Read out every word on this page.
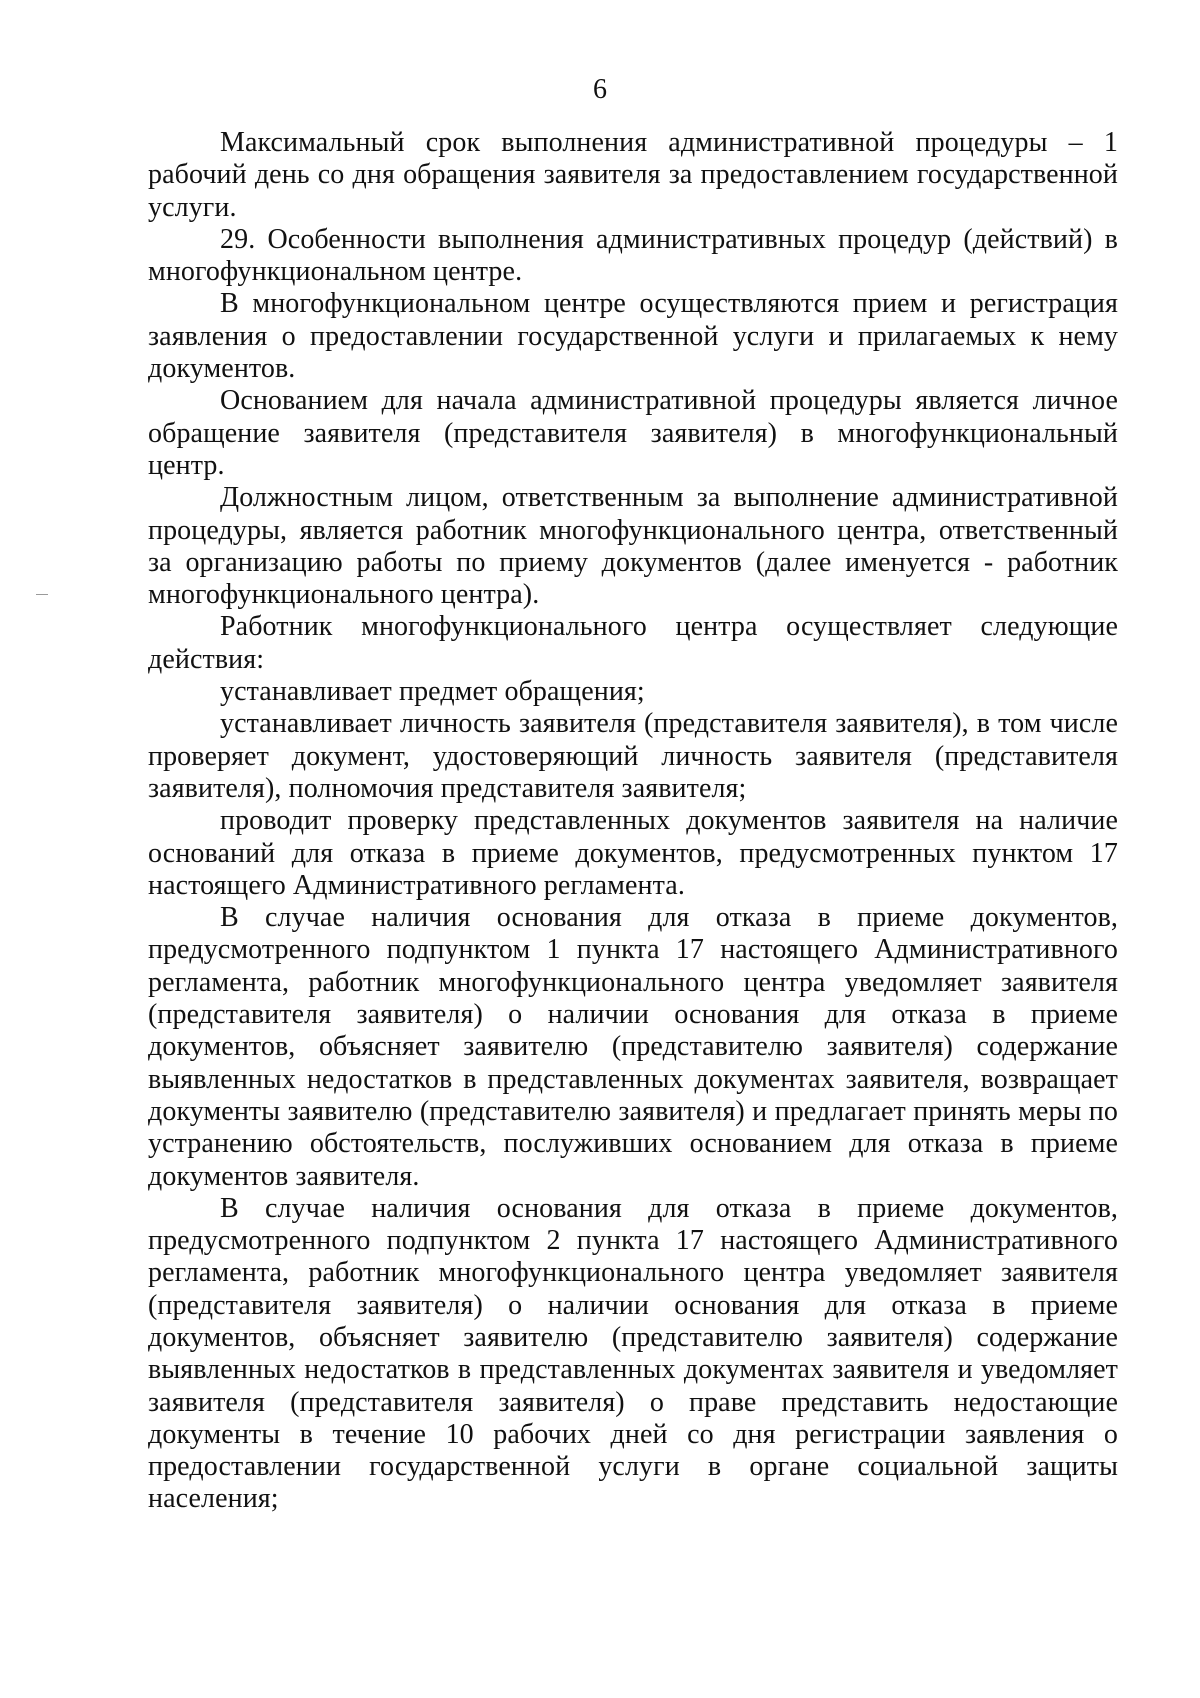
6

Максимальный срок выполнения административной процедуры – 1 рабочий день со дня обращения заявителя за предоставлением государственной услуги.

29. Особенности выполнения административных процедур (действий) в многофункциональном центре.

В многофункциональном центре осуществляются прием и регистрация заявления о предоставлении государственной услуги и прилагаемых к нему документов.

Основанием для начала административной процедуры является личное обращение заявителя (представителя заявителя) в многофункциональный центр.

Должностным лицом, ответственным за выполнение административной процедуры, является работник многофункционального центра, ответственный за организацию работы по приему документов (далее именуется - работник многофункционального центра).

Работник многофункционального центра осуществляет следующие действия:

устанавливает предмет обращения;

устанавливает личность заявителя (представителя заявителя), в том числе проверяет документ, удостоверяющий личность заявителя (представителя заявителя), полномочия представителя заявителя;

проводит проверку представленных документов заявителя на наличие оснований для отказа в приеме документов, предусмотренных пунктом 17 настоящего Административного регламента.

В случае наличия основания для отказа в приеме документов, предусмотренного подпунктом 1 пункта 17 настоящего Административного регламента, работник многофункционального центра уведомляет заявителя (представителя заявителя) о наличии основания для отказа в приеме документов, объясняет заявителю (представителю заявителя) содержание выявленных недостатков в представленных документах заявителя, возвращает документы заявителю (представителю заявителя) и предлагает принять меры по устранению обстоятельств, послуживших основанием для отказа в приеме документов заявителя.

В случае наличия основания для отказа в приеме документов, предусмотренного подпунктом 2 пункта 17 настоящего Административного регламента, работник многофункционального центра уведомляет заявителя (представителя заявителя) о наличии основания для отказа в приеме документов, объясняет заявителю (представителю заявителя) содержание выявленных недостатков в представленных документах заявителя и уведомляет заявителя (представителя заявителя) о праве представить недостающие документы в течение 10 рабочих дней со дня регистрации заявления о предоставлении государственной услуги в органе социальной защиты населения;
